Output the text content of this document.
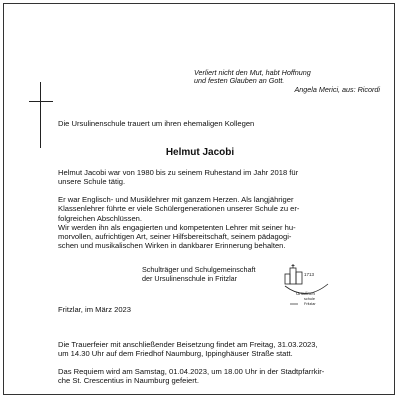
Verliert nicht den Mut, habt Hoffnung
und festen Glauben an Gott.

Angela Merici, aus: Ricordi

Die Ursulinenschule trauert um ihren ehemaligen Kollegen

Helmut Jacobi

Helmut Jacobi war von 1980 bis zu seinem Ruhestand im Jahr 2018 für
unsere Schule tätig.

Er war Englisch- und Musiklehrer mit ganzem Herzen. Als langjähriger
Klassenlehrer führte er viele Schülergenerationen unserer Schule zu er-
folgreichen Abschlüssen.
Wir werden ihn als engagierten und kompetenten Lehrer mit seiner hu-
morvollen, aufrichtigen Art, seiner Hilfsbereitschaft, seinem pädagogi-
schen und musikalischen Wirken in dankbarer Erinnerung behalten.

Schulträger und Schulgemeinschaft
der Ursulinenschule in Fritzlar	1713
Ursulinen
schule
Fritzlar

Fritzlar, im März 2023

Die Trauerfeier mit anschließender Beisetzung findet am Freitag, 31.03.2023,
um 14.30 Uhr auf dem Friedhof Naumburg, Ippinghäuser Straße statt.

Das Requiem wird am Samstag, 01.04.2023, um 18.00 Uhr in der Stadtpfarrkir-
che St. Crescentius in Naumburg gefeiert.
